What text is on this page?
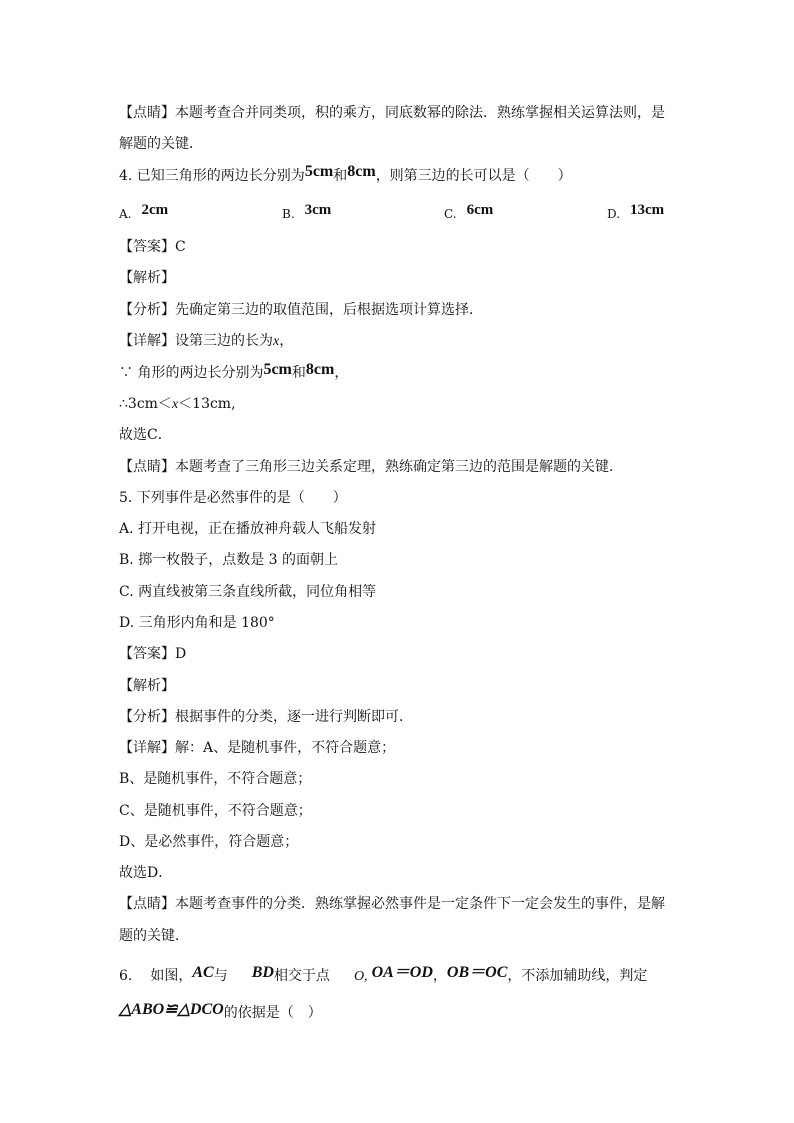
【点睛】本题考查合并同类项，积的乘方，同底数幂的除法．熟练掌握相关运算法则，是
解题的关键．
4. 已知三角形的两边长分别为5cm和8cm，则第三边的长可以是（　　）
A. 2cm	B. 3cm	C. 6cm	D. 13cm
【答案】C
【解析】
【分析】先确定第三边的取值范围，后根据选项计算选择．
【详解】设第三边的长为x，
∵ 角形的两边长分别为5cm和8cm，
∴3cm＜x＜13cm,
故选C．
【点睛】本题考查了三角形三边关系定理，熟练确定第三边的范围是解题的关键．
5. 下列事件是必然事件的是（　　）
A. 打开电视，正在播放神舟载人飞船发射
B. 掷一枚骰子，点数是 3 的面朝上
C. 两直线被第三条直线所截，同位角相等
D. 三角形内角和是 180°
【答案】D
【解析】
【分析】根据事件的分类，逐一进行判断即可．
【详解】解：A、是随机事件，不符合题意；
B、是随机事件，不符合题意；
C、是随机事件，不符合题意；
D、是必然事件，符合题意；
故选D．
【点睛】本题考查事件的分类．熟练掌握必然事件是一定条件下一定会发生的事件，是解
题的关键．
6. 如图，AC与 BD相交于点 O, OA＝OD，OB＝OC，不添加辅助线，判定
△ABO≌△DCO的依据是（　）
